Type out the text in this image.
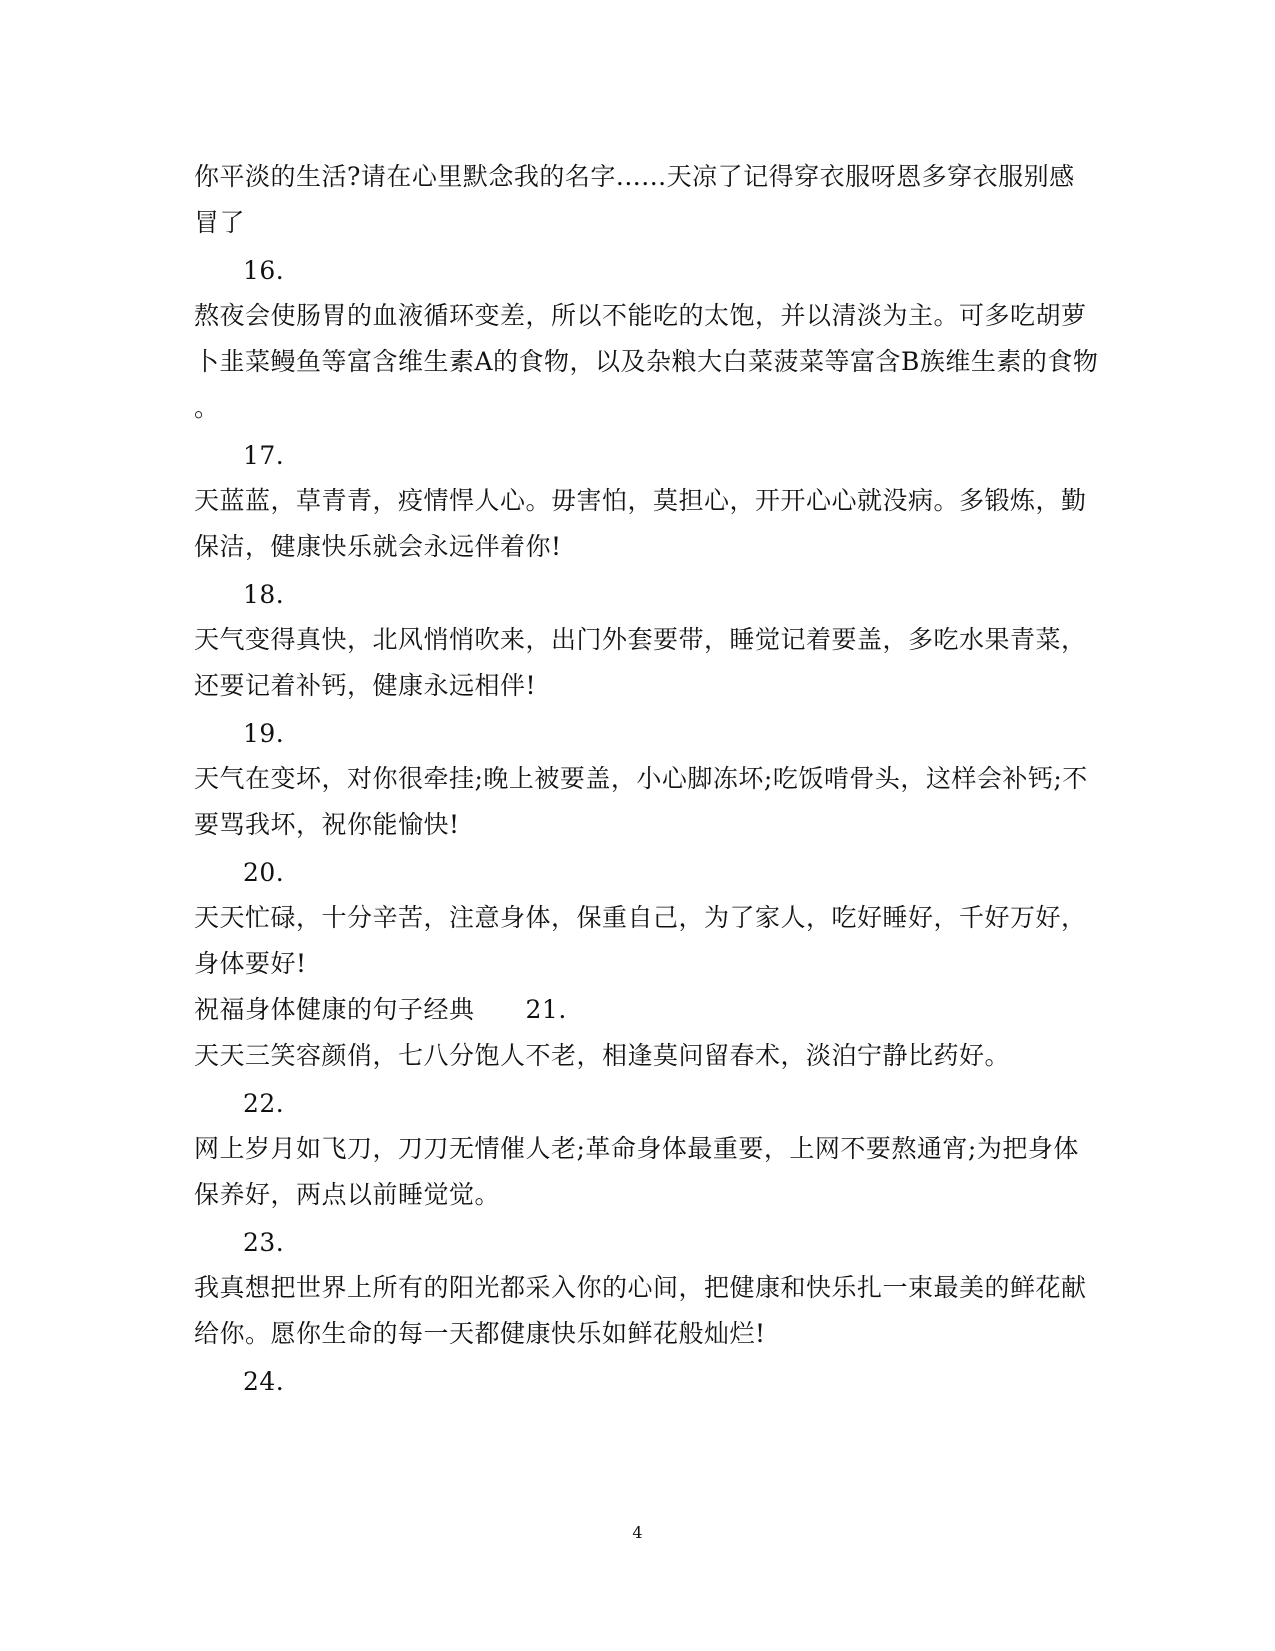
你平淡的生活?请在心里默念我的名字......天凉了记得穿衣服呀恩多穿衣服别感
冒了
16.
熬夜会使肠胃的血液循环变差，所以不能吃的太饱，并以清淡为主。可多吃胡萝
卜韭菜鳗鱼等富含维生素A的食物，以及杂粮大白菜菠菜等富含B族维生素的食物
。
17.
天蓝蓝，草青青，疫情悍人心。毋害怕，莫担心，开开心心就没病。多锻炼，勤
保洁，健康快乐就会永远伴着你!
18.
天气变得真快，北风悄悄吹来，出门外套要带，睡觉记着要盖，多吃水果青菜，
还要记着补钙，健康永远相伴!
19.
天气在变坏，对你很牵挂;晚上被要盖，小心脚冻坏;吃饭啃骨头，这样会补钙;不
要骂我坏，祝你能愉快!
20.
天天忙碌，十分辛苦，注意身体，保重自己，为了家人，吃好睡好，千好万好，
身体要好!
祝福身体健康的句子经典　　21.
天天三笑容颜俏，七八分饱人不老，相逢莫问留春术，淡泊宁静比药好。
22.
网上岁月如飞刀，刀刀无情催人老;革命身体最重要，上网不要熬通宵;为把身体
保养好，两点以前睡觉觉。
23.
我真想把世界上所有的阳光都采入你的心间，把健康和快乐扎一束最美的鲜花献
给你。愿你生命的每一天都健康快乐如鲜花般灿烂!
24.
4
